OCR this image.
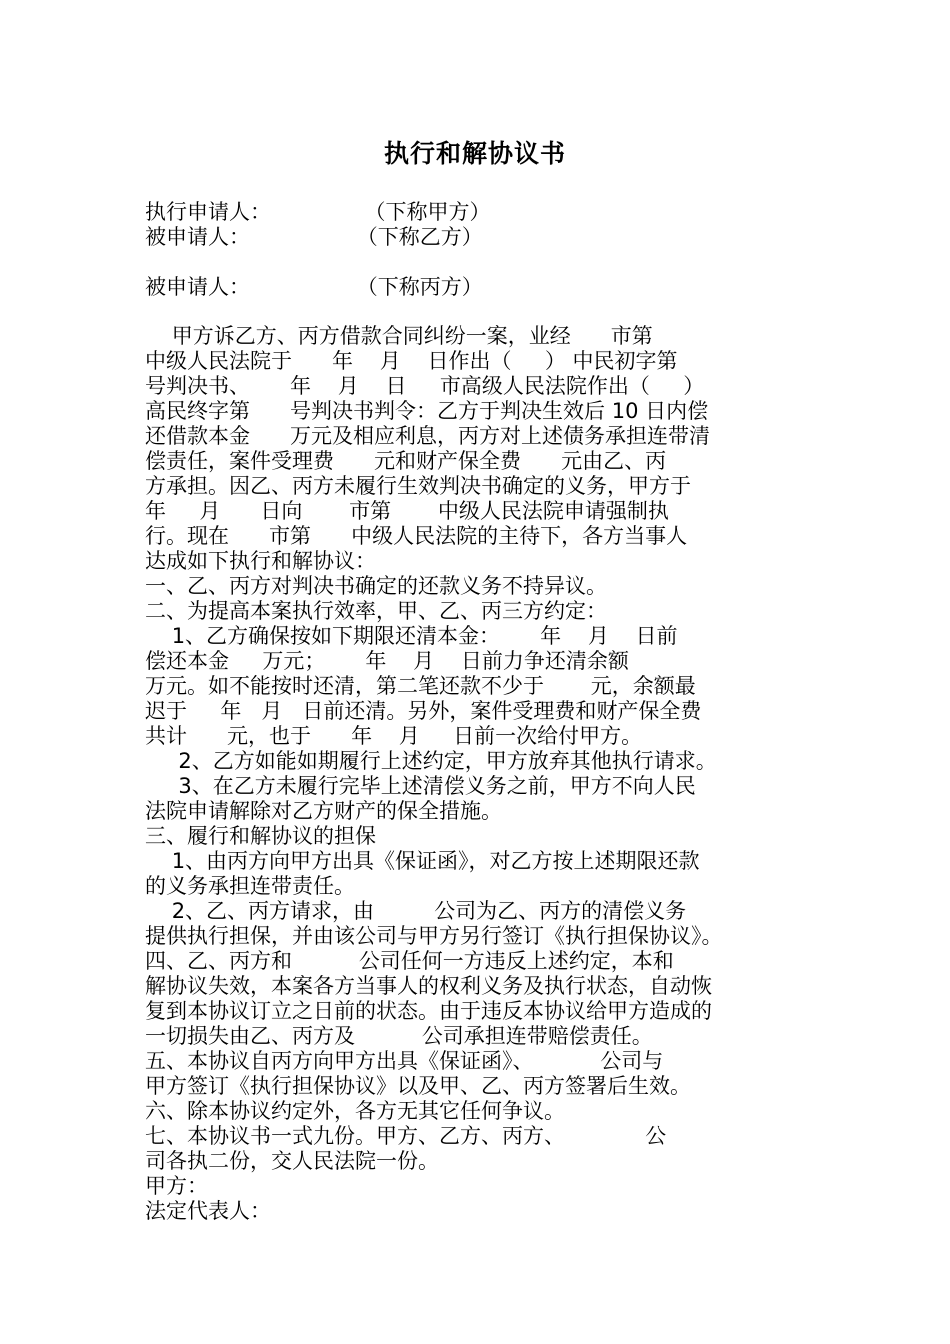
执行和解协议书
执行申请人：              （下称甲方）
被申请人：                （下称乙方）
被申请人：                （下称丙方）
甲方诉乙方、丙方借款合同纠纷一案，业经      市第
中级人民法院于      年    月    日作出（     ） 中民初字第
号判决书、      年    月    日     市高级人民法院作出（     ）
高民终字第      号判决书判令：乙方于判决生效后 10 日内偿
还借款本金      万元及相应利息，丙方对上述债务承担连带清
偿责任，案件受理费      元和财产保全费      元由乙、丙
方承担。因乙、丙方未履行生效判决书确定的义务，甲方于
年     月      日向       市第       中级人民法院申请强制执
行。现在      市第      中级人民法院的主待下，各方当事人
达成如下执行和解协议：
一、乙、丙方对判决书确定的还款义务不持异议。
二、为提高本案执行效率，甲、乙、丙三方约定：
1、乙方确保按如下期限还清本金：      年    月    日前
偿还本金     万元；      年    月    日前力争还清余额
万元。如不能按时还清，第二笔还款不少于       元，余额最
迟于     年   月   日前还清。另外，案件受理费和财产保全费
共计      元，也于      年    月     日前一次给付甲方。
2、乙方如能如期履行上述约定，甲方放弃其他执行请求。
3、在乙方未履行完毕上述清偿义务之前，甲方不向人民
法院申请解除对乙方财产的保全措施。
三、履行和解协议的担保
1、由丙方向甲方出具《保证函》，对乙方按上述期限还款
的义务承担连带责任。
2、乙、丙方请求，由         公司为乙、丙方的清偿义务
提供执行担保，并由该公司与甲方另行签订《执行担保协议》。
四、乙、丙方和          公司任何一方违反上述约定，本和
解协议失效，本案各方当事人的权利义务及执行状态，自动恢
复到本协议订立之日前的状态。由于违反本协议给甲方造成的
一切损失由乙、丙方及          公司承担连带赔偿责任。
五、本协议自丙方向甲方出具《保证函》、          公司与
甲方签订《执行担保协议》以及甲、乙、丙方签署后生效。
六、除本协议约定外，各方无其它任何争议。
七、本协议书一式九份。甲方、乙方、丙方、            公
司各执二份，交人民法院一份。
甲方：
法定代表人：
